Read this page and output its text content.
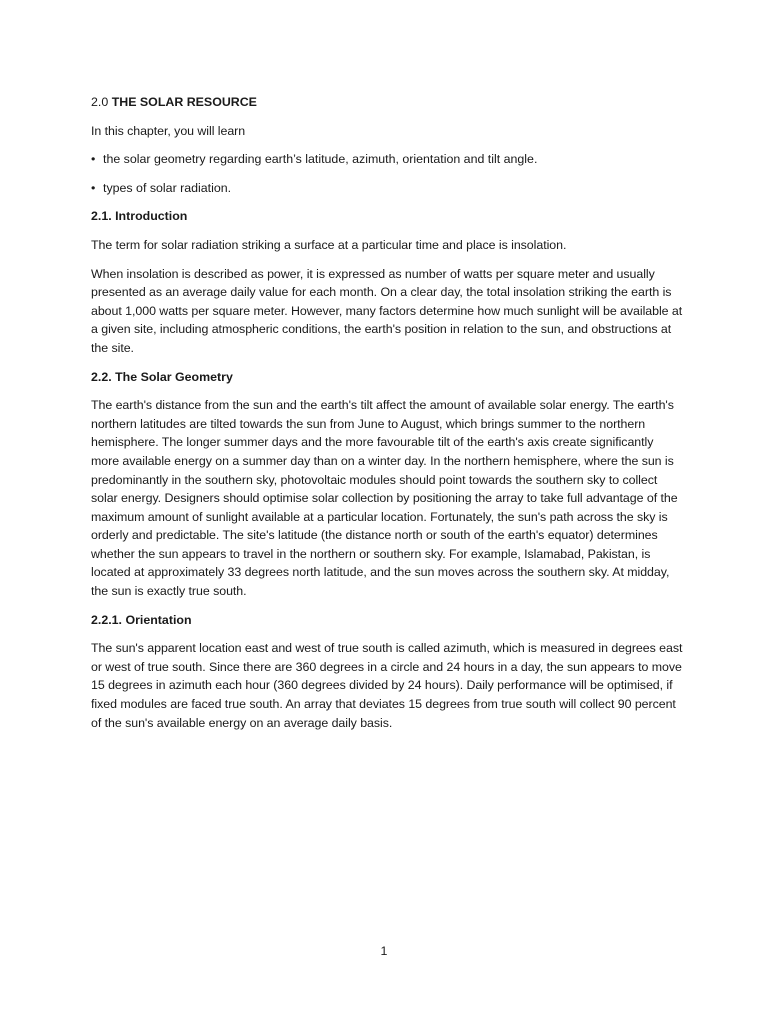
2.0 THE SOLAR RESOURCE

In this chapter, you will learn

• the solar geometry regarding earth’s latitude, azimuth, orientation and tilt angle.
• types of solar radiation.

2.1. Introduction

The term for solar radiation striking a surface at a particular time and place is insolation.

When insolation is described as power, it is expressed as number of watts per square meter and usually presented as an average daily value for each month. On a clear day, the total insolation striking the earth is about 1,000 watts per square meter. However, many factors determine how much sunlight will be available at a given site, including atmospheric conditions, the earth's position in relation to the sun, and obstructions at the site.

2.2. The Solar Geometry

The earth's distance from the sun and the earth's tilt affect the amount of available solar energy. The earth's northern latitudes are tilted towards the sun from June to August, which brings summer to the northern hemisphere. The longer summer days and the more favourable tilt of the earth's axis create significantly more available energy on a summer day than on a winter day. In the northern hemisphere, where the sun is predominantly in the southern sky, photovoltaic modules should point towards the southern sky to collect solar energy. Designers should optimise solar collection by positioning the array to take full advantage of the maximum amount of sunlight available at a particular location. Fortunately, the sun's path across the sky is orderly and predictable. The site's latitude (the distance north or south of the earth's equator) determines whether the sun appears to travel in the northern or southern sky. For example, Islamabad, Pakistan, is located at approximately 33 degrees north latitude, and the sun moves across the southern sky. At midday, the sun is exactly true south.

2.2.1. Orientation

The sun's apparent location east and west of true south is called azimuth, which is measured in degrees east or west of true south. Since there are 360 degrees in a circle and 24 hours in a day, the sun appears to move 15 degrees in azimuth each hour (360 degrees divided by 24 hours). Daily performance will be optimised, if fixed modules are faced true south. An array that deviates 15 degrees from true south will collect 90 percent of the sun's available energy on an average daily basis.

1
